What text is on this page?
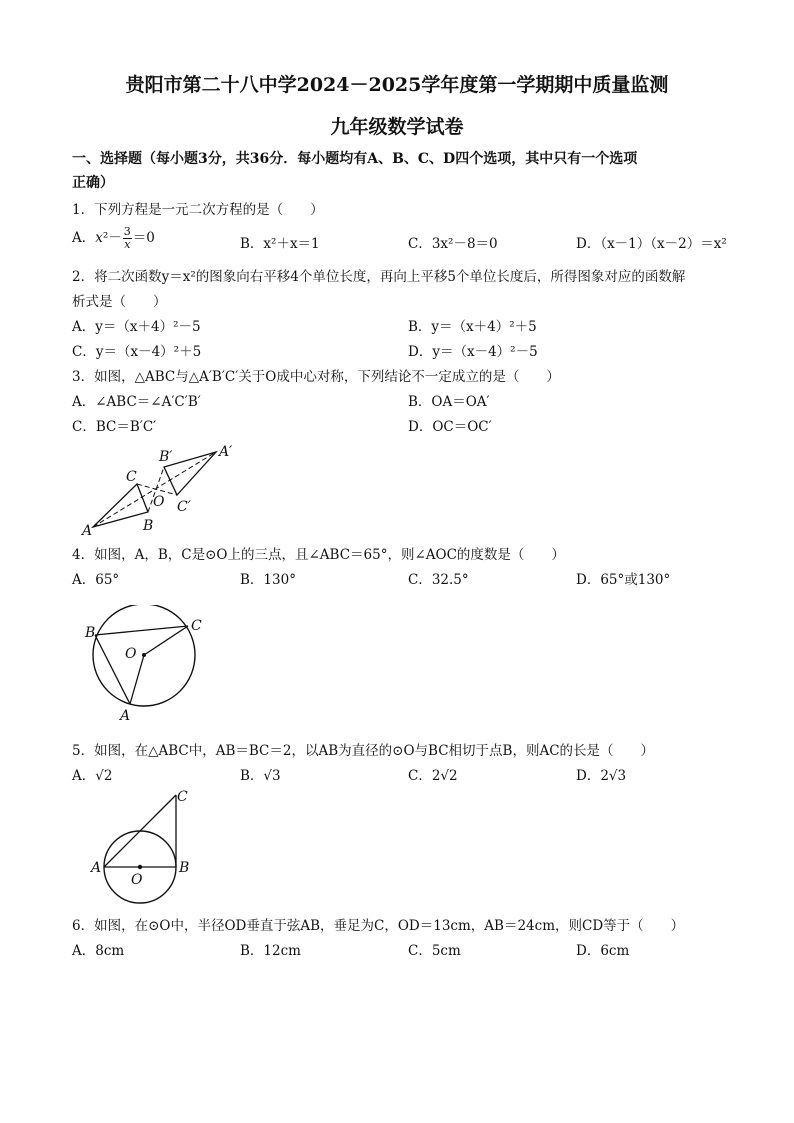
贵阳市第二十八中学2024－2025学年度第一学期期中质量监测
九年级数学试卷
一、选择题（每小题3分，共36分．每小题均有A、B、C、D四个选项，其中只有一个选项
正确）
1．下列方程是一元二次方程的是（　　）
A．$x^2- \frac{3}{x} =0$	B．x²＋x＝1	C．3x²－8＝0	D．（x－1）（x－2）＝x²
2．将二次函数y＝x²的图象向右平移4个单位长度，再向上平移5个单位长度后，所得图象对应的函数解
析式是（　　）
A．y＝（x＋4）²－5	B．y＝（x＋4）²＋5
C．y＝（x－4）²＋5	D．y＝（x－4）²－5
3．如图，△ABC与△A′B′C′关于O成中心对称，下列结论不一定成立的是（　　）
A．∠ABC＝∠A′C′B′	B．OA＝OA′
C．BC＝B′C′	D．OC＝OC′
A	B
C
O
A′
B′
C′
4．如图，A，B，C是⊙O上的三点，且∠ABC＝65°，则∠AOC的度数是（　　）
A．65°	B．130°	C．32.5°	D．65°或130°
B	C
O
A
5．如图，在△ABC中，AB＝BC＝2，以AB为直径的⊙O与BC相切于点B，则AC的长是（　　）
A．√2	B．√3	C．2√2	D．2√3
A	B
C
O
6．如图，在⊙O中，半径OD垂直于弦AB，垂足为C，OD＝13cm，AB＝24cm，则CD等于（　　）
A．8cm	B．12cm	C．5cm	D．6cm
